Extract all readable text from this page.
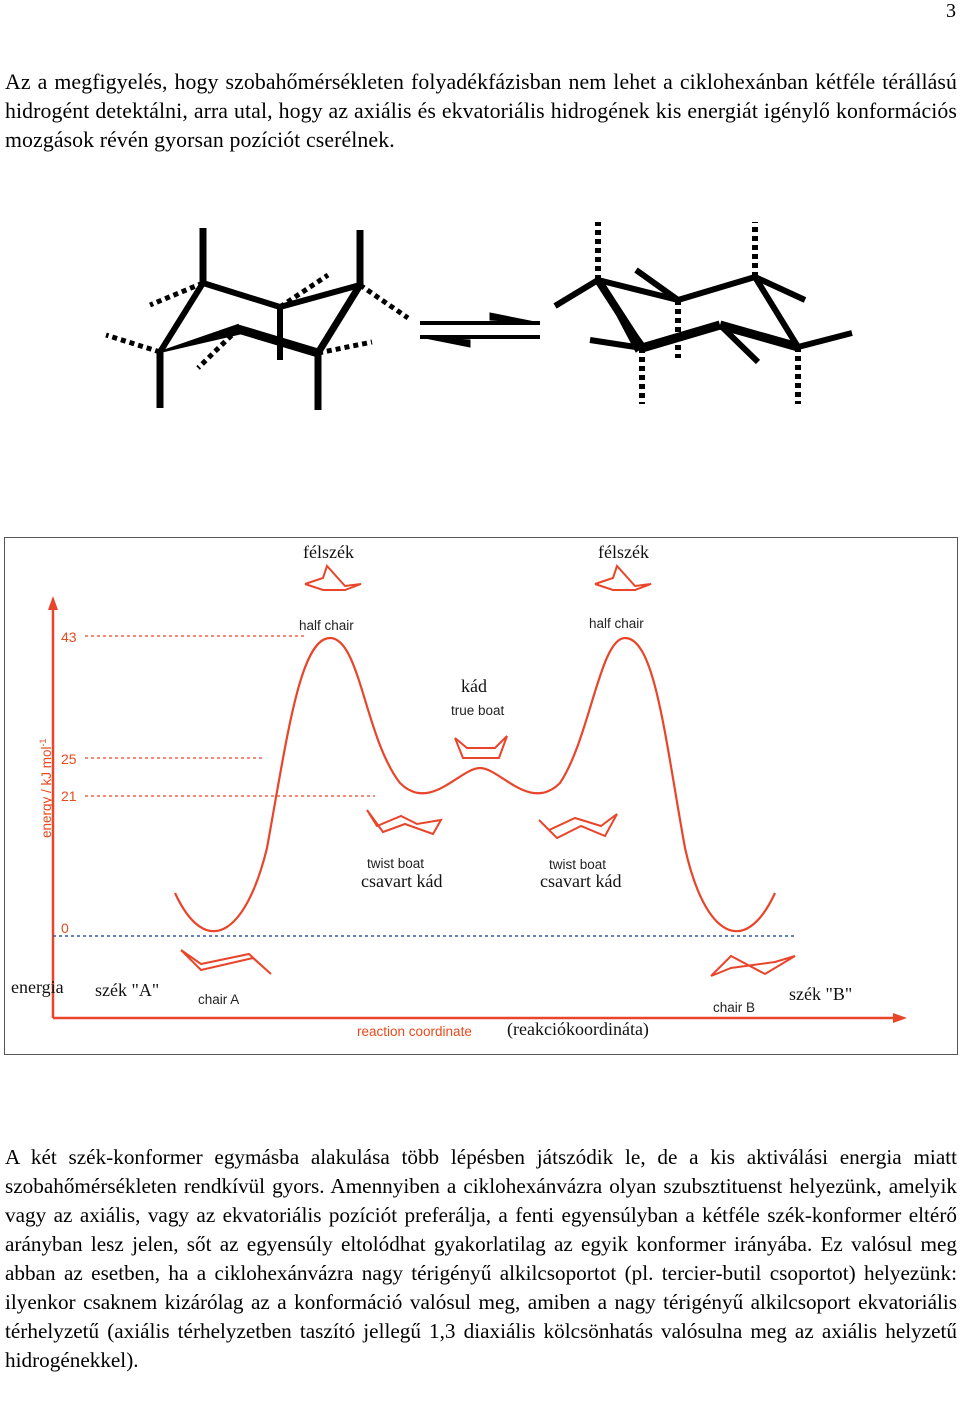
3

Az a megfigyelés, hogy szobahőmérsékleten folyadékfázisban nem lehet a ciklohexánban kétféle térállású hidrogént detektálni, arra utal, hogy az axiális és ekvatoriális hidrogének kis energiát igénylő konformációs mozgások révén gyorsan pozíciót cserélnek.

43
25
21
0
energy / kJ mol$^{-1}$
félszék
half chair
félszék
half chair
kád
true boat
twist boat
csavart kád
twist boat
csavart kád
energia szék "A"	chair A
chair B
szék "B"
reaction coordinate (reakciókoordináta)

A két szék-konformer egymásba alakulása több lépésben játszódik le, de a kis aktiválási energia miatt szobahőmérsékleten rendkívül gyors. Amennyiben a ciklohexánvázra olyan szubsztituenst helyezünk, amelyik vagy az axiális, vagy az ekvatoriális pozíciót preferálja, a fenti egyensúlyban a kétféle szék-konformer eltérő arányban lesz jelen, sőt az egyensúly eltolódhat gyakorlatilag az egyik konformer irányába. Ez valósul meg abban az esetben, ha a ciklohexánvázra nagy térigényű alkilcsoportot (pl. tercier-butil csoportot) helyezünk: ilyenkor csaknem kizárólag az a konformáció valósul meg, amiben a nagy térigényű alkilcsoport ekvatoriális térhelyzetű (axiális térhelyzetben taszító jellegű 1,3 diaxiális kölcsönhatás valósulna meg az axiális helyzetű hidrogénekkel).
